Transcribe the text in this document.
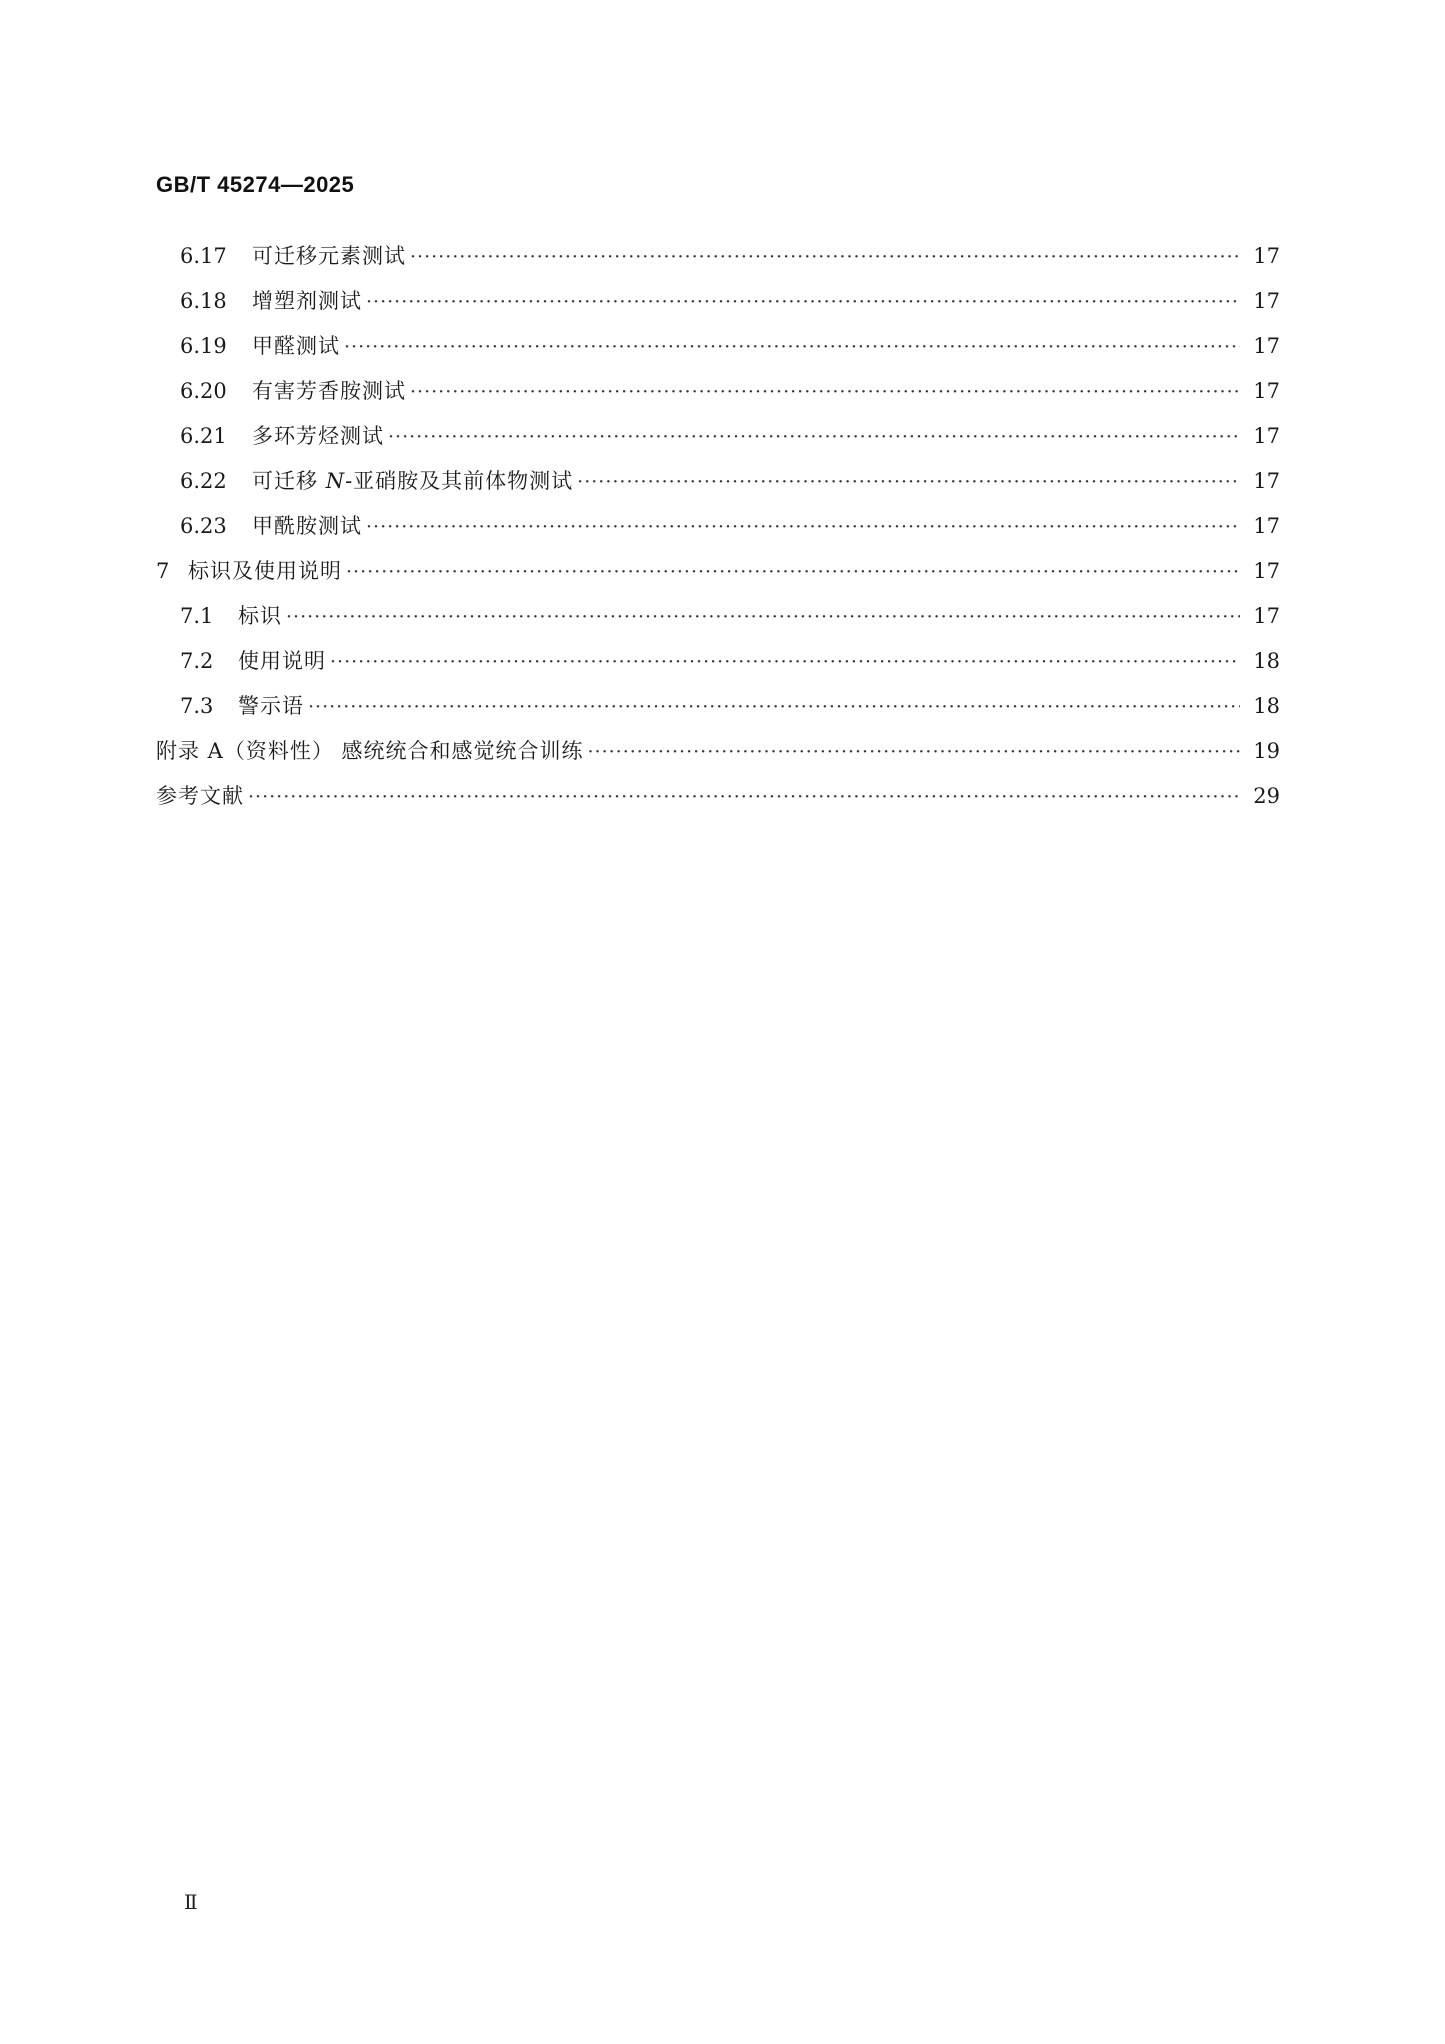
GB/T 45274—2025
6.17	可迁移元素测试 ·····	17
6.18	增塑剂测试 ·····	17
6.19	甲醛测试 ·····	17
6.20	有害芳香胺测试 ·····	17
6.21	多环芳烃测试 ·····	17
6.22	可迁移 N-亚硝胺及其前体物测试 ·····	17
6.23	甲酰胺测试 ·····	17
7 标识及使用说明 ·····	17
7.1	标识 ·····	17
7.2	使用说明 ·····	18
7.3	警示语 ·····	18
附录 A（资料性） 感统统合和感觉统合训练 ·····	19
参考文献 ·····	29
Ⅱ
